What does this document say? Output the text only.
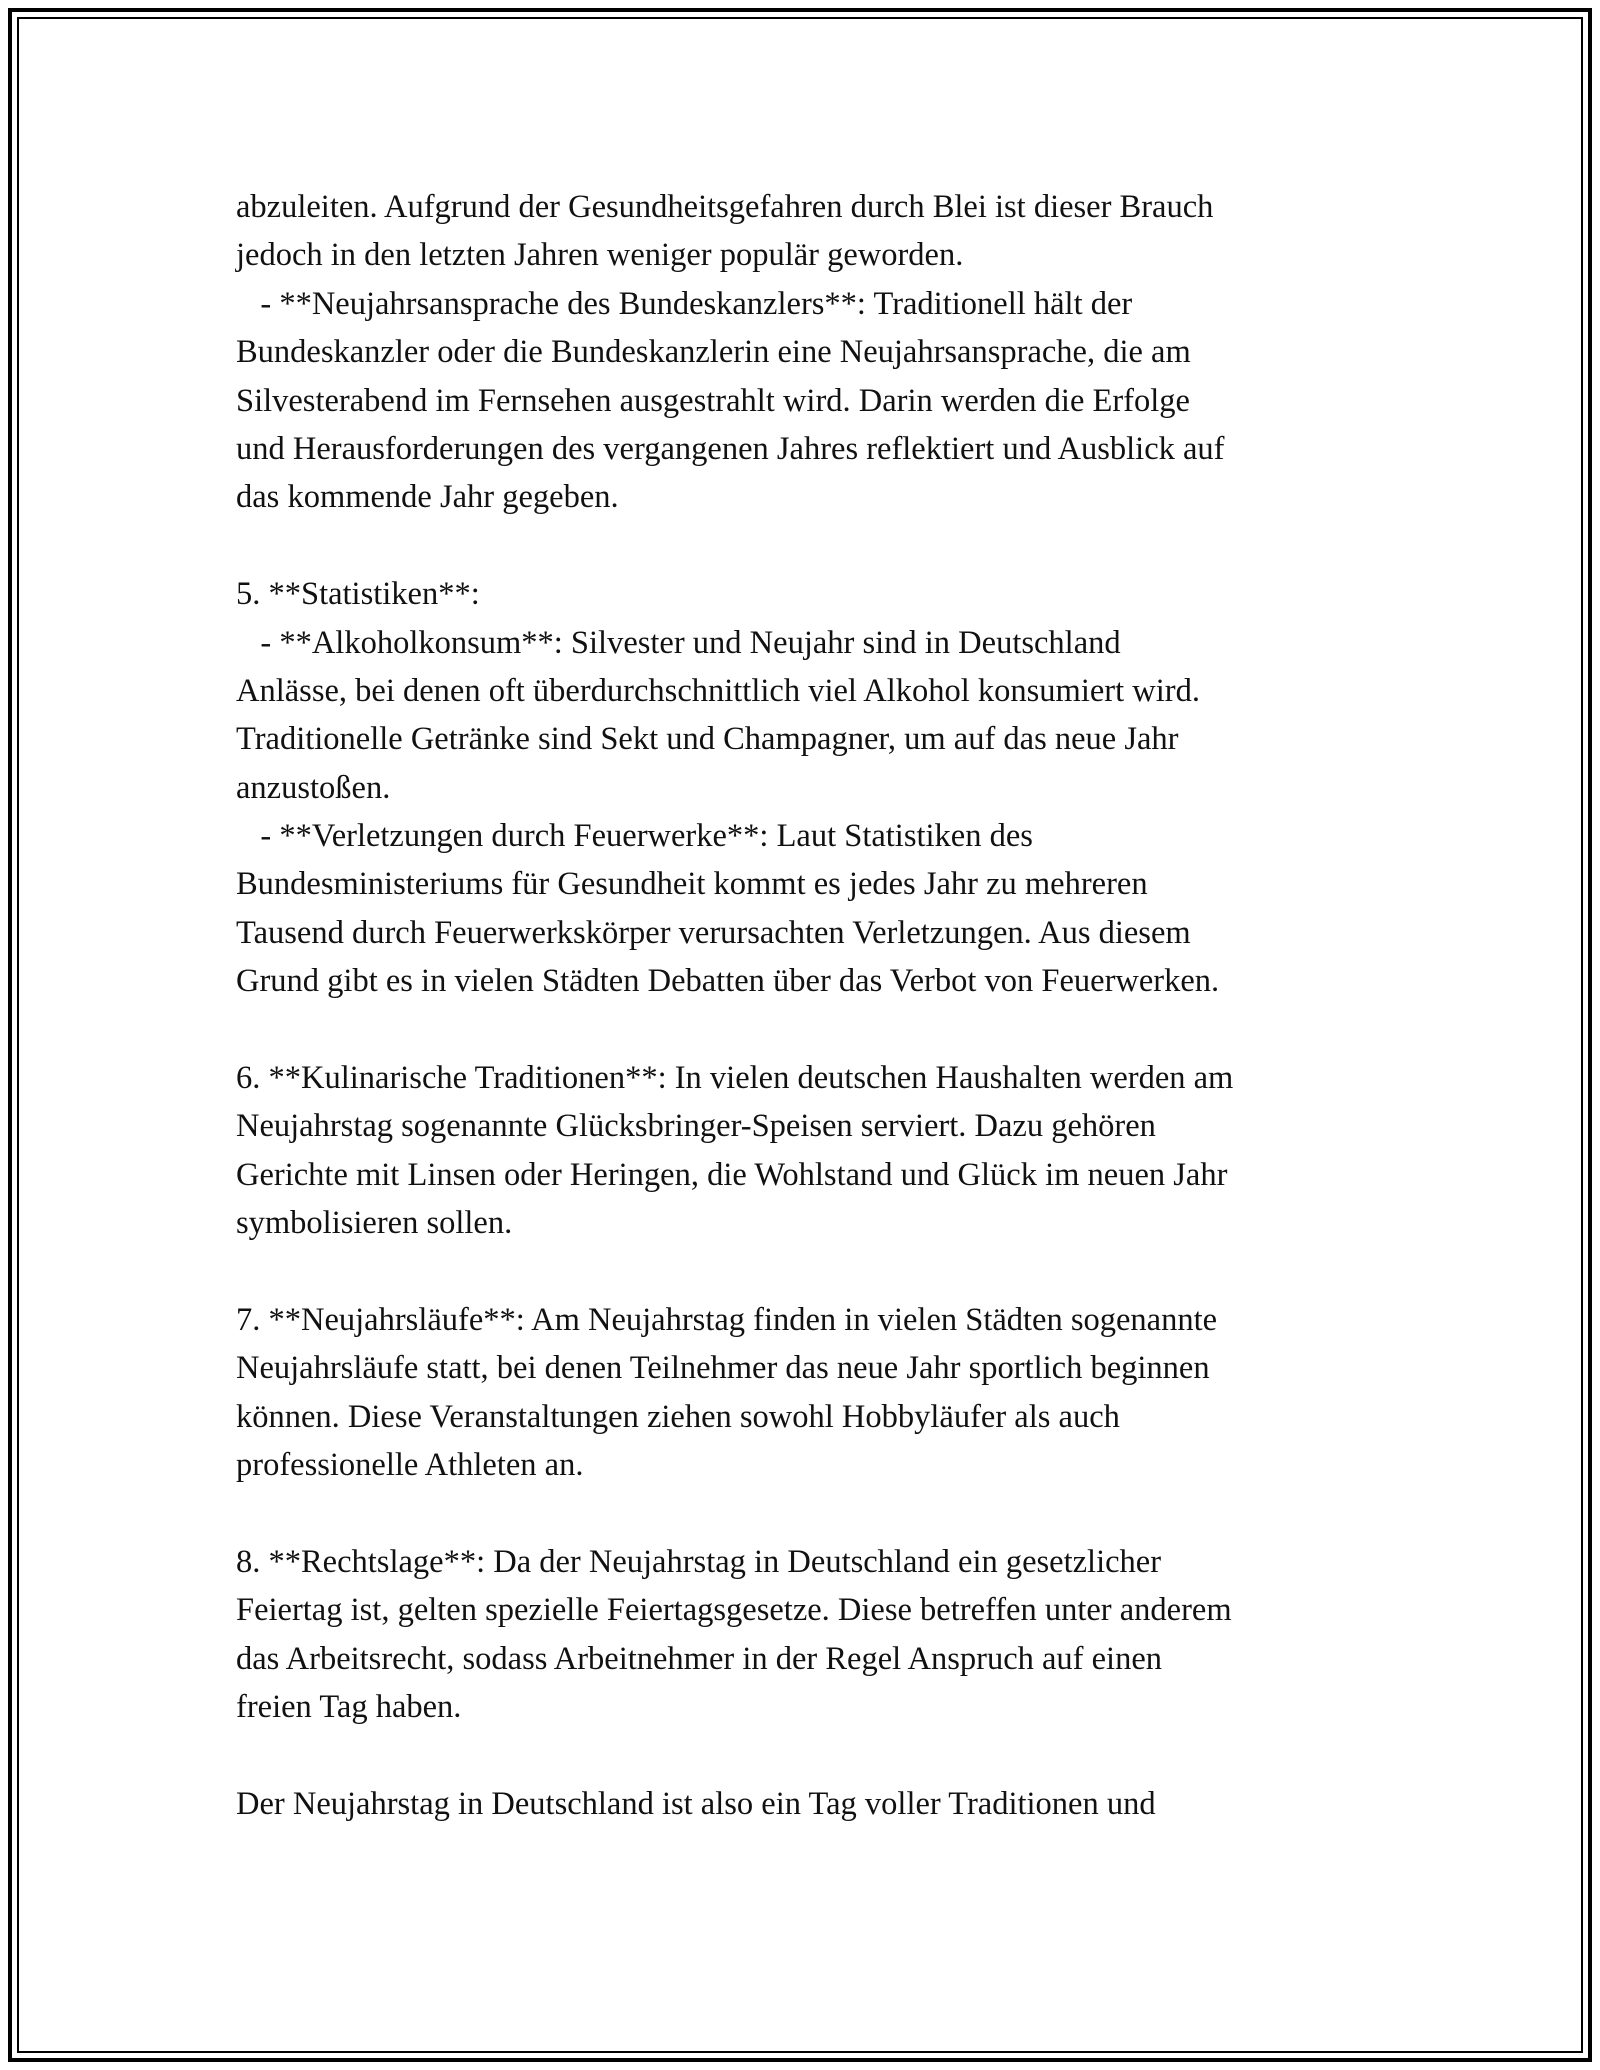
abzuleiten. Aufgrund der Gesundheitsgefahren durch Blei ist dieser Brauch
jedoch in den letzten Jahren weniger populär geworden.
- **Neujahrsansprache des Bundeskanzlers**: Traditionell hält der
Bundeskanzler oder die Bundeskanzlerin eine Neujahrsansprache, die am
Silvesterabend im Fernsehen ausgestrahlt wird. Darin werden die Erfolge
und Herausforderungen des vergangenen Jahres reflektiert und Ausblick auf
das kommende Jahr gegeben.
5. **Statistiken**:
- **Alkoholkonsum**: Silvester und Neujahr sind in Deutschland
Anlässe, bei denen oft überdurchschnittlich viel Alkohol konsumiert wird.
Traditionelle Getränke sind Sekt und Champagner, um auf das neue Jahr
anzustoßen.
- **Verletzungen durch Feuerwerke**: Laut Statistiken des
Bundesministeriums für Gesundheit kommt es jedes Jahr zu mehreren
Tausend durch Feuerwerkskörper verursachten Verletzungen. Aus diesem
Grund gibt es in vielen Städten Debatten über das Verbot von Feuerwerken.
6. **Kulinarische Traditionen**: In vielen deutschen Haushalten werden am
Neujahrstag sogenannte Glücksbringer-Speisen serviert. Dazu gehören
Gerichte mit Linsen oder Heringen, die Wohlstand und Glück im neuen Jahr
symbolisieren sollen.
7. **Neujahrsläufe**: Am Neujahrstag finden in vielen Städten sogenannte
Neujahrsläufe statt, bei denen Teilnehmer das neue Jahr sportlich beginnen
können. Diese Veranstaltungen ziehen sowohl Hobbyläufer als auch
professionelle Athleten an.
8. **Rechtslage**: Da der Neujahrstag in Deutschland ein gesetzlicher
Feiertag ist, gelten spezielle Feiertagsgesetze. Diese betreffen unter anderem
das Arbeitsrecht, sodass Arbeitnehmer in der Regel Anspruch auf einen
freien Tag haben.
Der Neujahrstag in Deutschland ist also ein Tag voller Traditionen und
